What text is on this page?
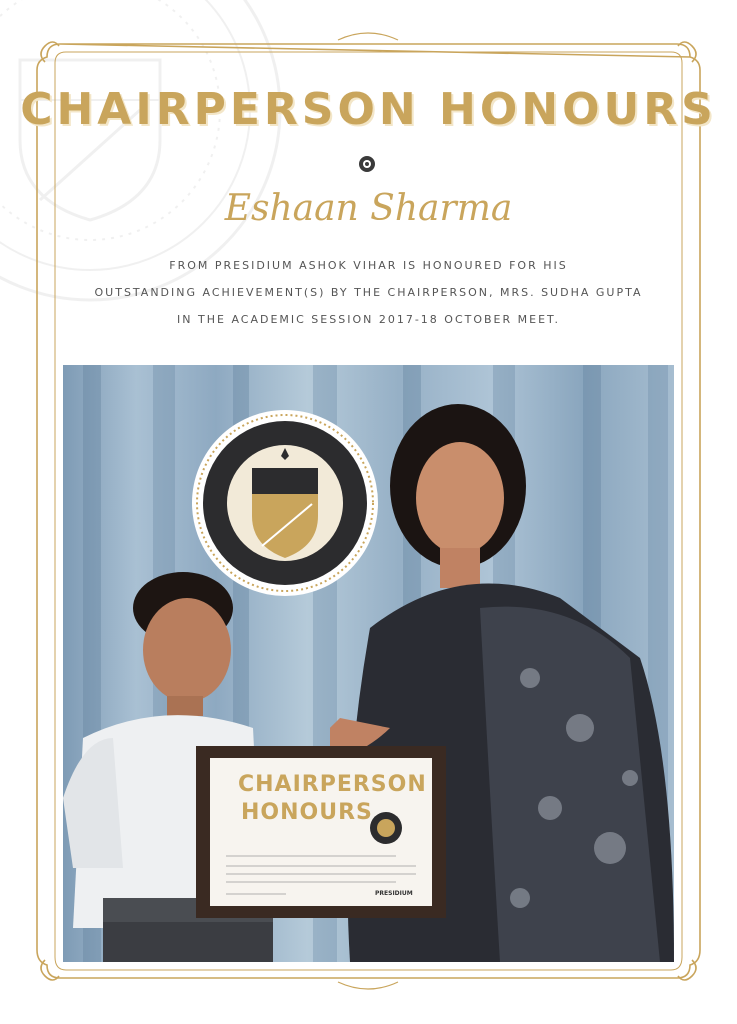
CHAIRPERSON HONOURS
Eshaan Sharma
FROM PRESIDIUM ASHOK VIHAR IS HONOURED FOR HIS
OUTSTANDING ACHIEVEMENT(S) BY THE CHAIRPERSON, MRS. SUDHA GUPTA
IN THE ACADEMIC SESSION 2017-18 OCTOBER MEET.
CHAIRPERSON
HONOURS
PRESIDIUM
